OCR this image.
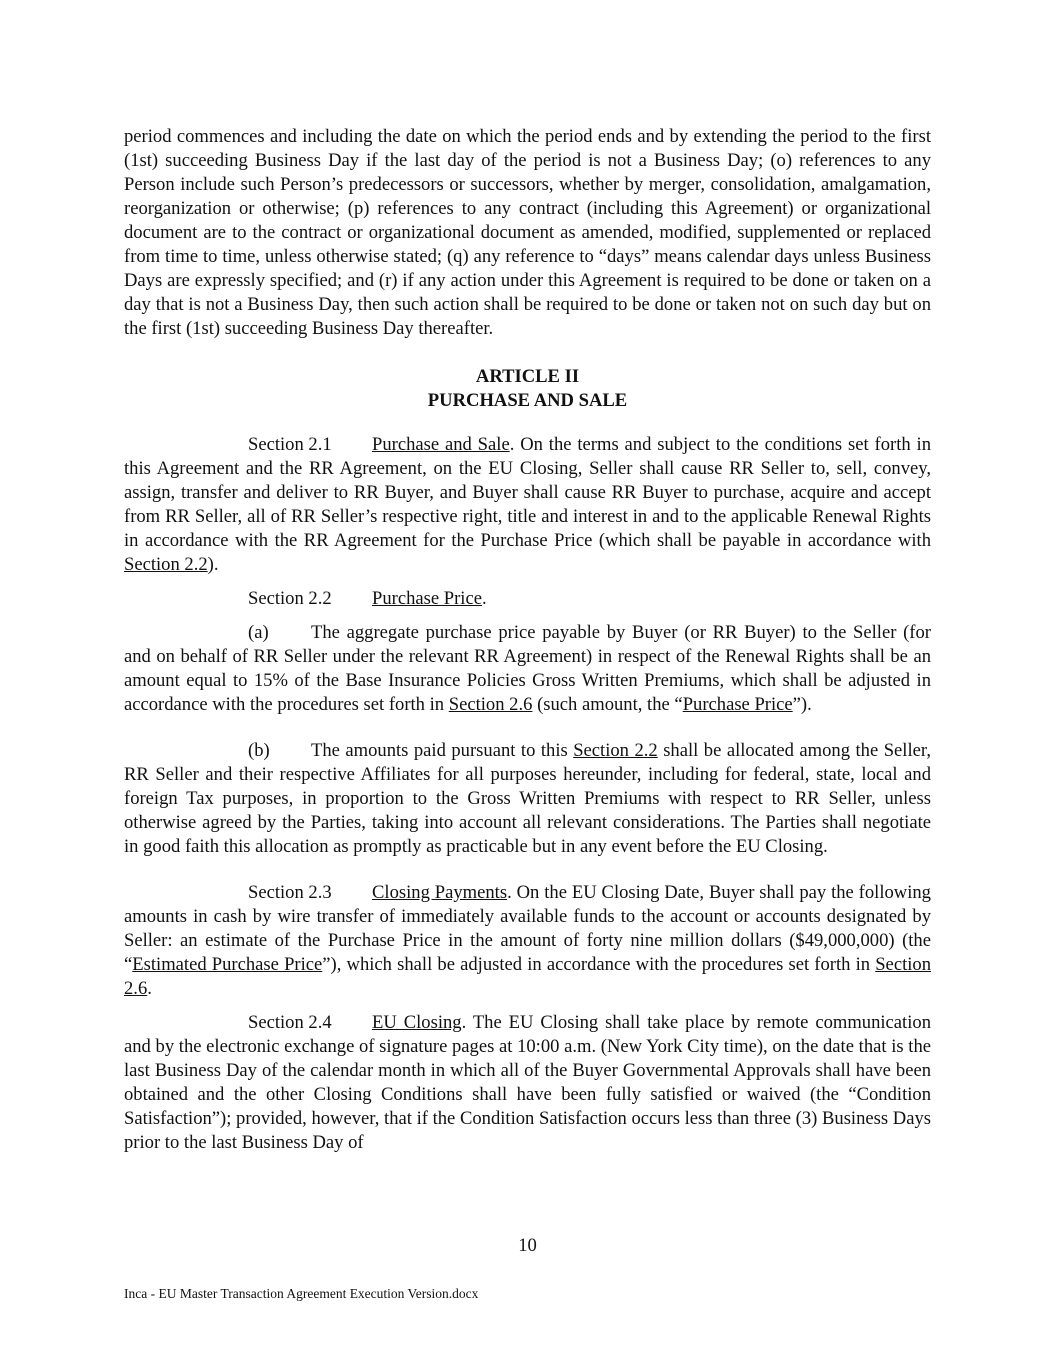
period commences and including the date on which the period ends and by extending the period to the first (1st) succeeding Business Day if the last day of the period is not a Business Day; (o) references to any Person include such Person’s predecessors or successors, whether by merger, consolidation, amalgamation, reorganization or otherwise; (p) references to any contract (including this Agreement) or organizational document are to the contract or organizational document as amended, modified, supplemented or replaced from time to time, unless otherwise stated; (q) any reference to “days” means calendar days unless Business Days are expressly specified; and (r) if any action under this Agreement is required to be done or taken on a day that is not a Business Day, then such action shall be required to be done or taken not on such day but on the first (1st) succeeding Business Day thereafter.

ARTICLE II

PURCHASE AND SALE

Section 2.1 Purchase and Sale. On the terms and subject to the conditions set forth in this Agreement and the RR Agreement, on the EU Closing, Seller shall cause RR Seller to, sell, convey, assign, transfer and deliver to RR Buyer, and Buyer shall cause RR Buyer to purchase, acquire and accept from RR Seller, all of RR Seller’s respective right, title and interest in and to the applicable Renewal Rights in accordance with the RR Agreement for the Purchase Price (which shall be payable in accordance with Section 2.2).

Section 2.2 Purchase Price.

(a) The aggregate purchase price payable by Buyer (or RR Buyer) to the Seller (for and on behalf of RR Seller under the relevant RR Agreement) in respect of the Renewal Rights shall be an amount equal to 15% of the Base Insurance Policies Gross Written Premiums, which shall be adjusted in accordance with the procedures set forth in Section 2.6 (such amount, the “Purchase Price”).

(b) The amounts paid pursuant to this Section 2.2 shall be allocated among the Seller, RR Seller and their respective Affiliates for all purposes hereunder, including for federal, state, local and foreign Tax purposes, in proportion to the Gross Written Premiums with respect to RR Seller, unless otherwise agreed by the Parties, taking into account all relevant considerations. The Parties shall negotiate in good faith this allocation as promptly as practicable but in any event before the EU Closing.

Section 2.3 Closing Payments. On the EU Closing Date, Buyer shall pay the following amounts in cash by wire transfer of immediately available funds to the account or accounts designated by Seller: an estimate of the Purchase Price in the amount of forty nine million dollars ($49,000,000) (the “Estimated Purchase Price”), which shall be adjusted in accordance with the procedures set forth in Section 2.6.

Section 2.4 EU Closing. The EU Closing shall take place by remote communication and by the electronic exchange of signature pages at 10:00 a.m. (New York City time), on the date that is the last Business Day of the calendar month in which all of the Buyer Governmental Approvals shall have been obtained and the other Closing Conditions shall have been fully satisfied or waived (the “Condition Satisfaction”); provided, however, that if the Condition Satisfaction occurs less than three (3) Business Days prior to the last Business Day of

10
Inca - EU Master Transaction Agreement Execution Version.docx
